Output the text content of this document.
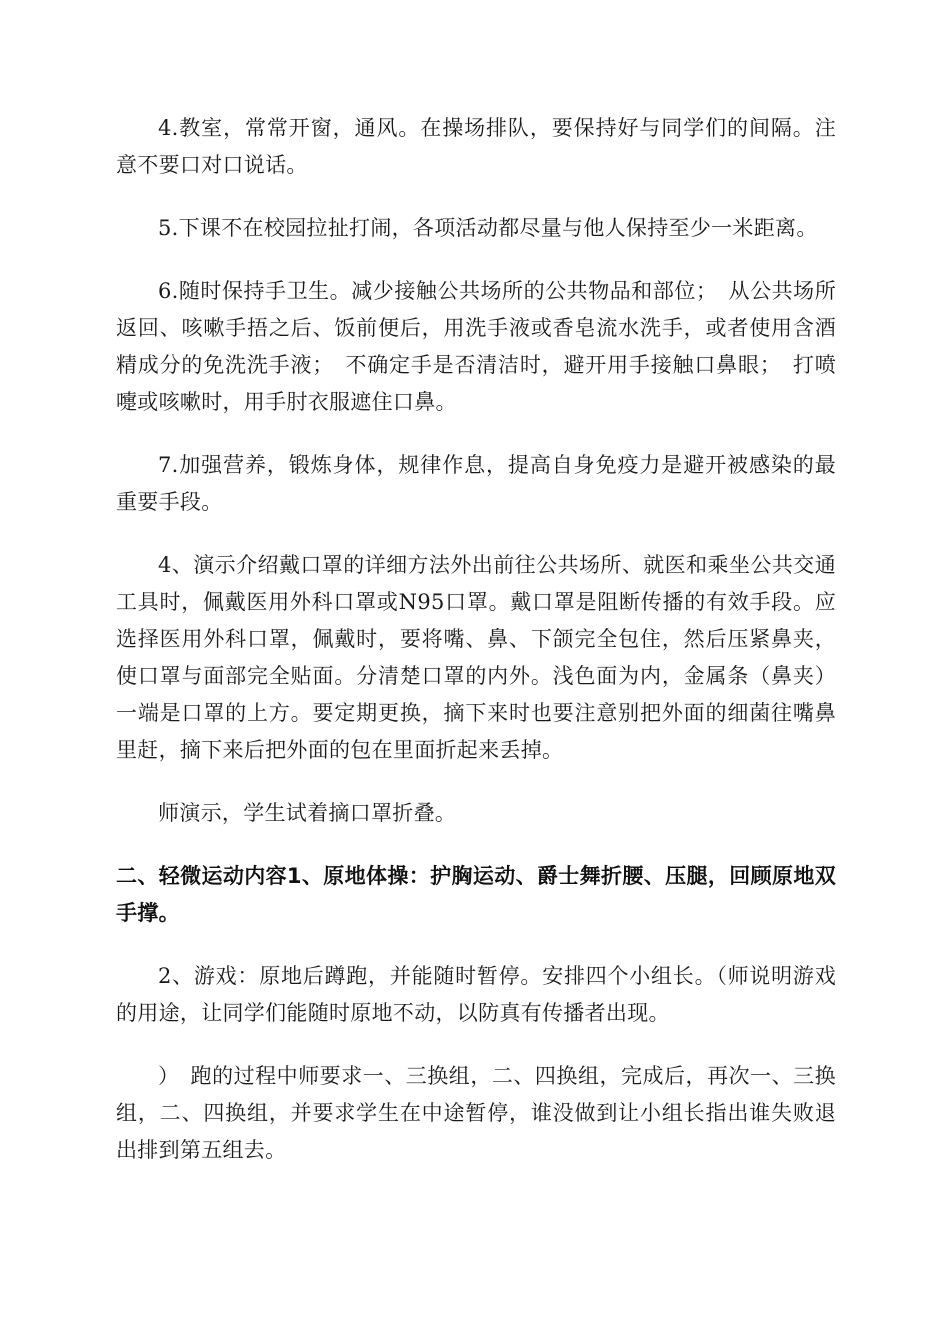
4.教室，常常开窗，通风。在操场排队，要保持好与同学们的间隔。注意不要口对口说话。

5.下课不在校园拉扯打闹，各项活动都尽量与他人保持至少一米距离。

6.随时保持手卫生。减少接触公共场所的公共物品和部位；　从公共场所返回、咳嗽手捂之后、饭前便后，用洗手液或香皂流水洗手，或者使用含酒精成分的免洗洗手液；　不确定手是否清洁时，避开用手接触口鼻眼；　打喷嚏或咳嗽时，用手肘衣服遮住口鼻。

7.加强营养，锻炼身体，规律作息，提高自身免疫力是避开被感染的最重要手段。

4、演示介绍戴口罩的详细方法外出前往公共场所、就医和乘坐公共交通工具时，佩戴医用外科口罩或N95口罩。戴口罩是阻断传播的有效手段。应选择医用外科口罩，佩戴时，要将嘴、鼻、下颌完全包住，然后压紧鼻夹，使口罩与面部完全贴面。分清楚口罩的内外。浅色面为内，金属条（鼻夹）一端是口罩的上方。要定期更换，摘下来时也要注意别把外面的细菌往嘴鼻里赶，摘下来后把外面的包在里面折起来丢掉。

师演示，学生试着摘口罩折叠。

二、轻微运动内容1、原地体操：护胸运动、爵士舞折腰、压腿，回顾原地双手撑。

2、游戏：原地后蹲跑，并能随时暂停。安排四个小组长。（师说明游戏的用途，让同学们能随时原地不动，以防真有传播者出现。

）　跑的过程中师要求一、三换组，二、四换组，完成后，再次一、三换组，二、四换组，并要求学生在中途暂停，谁没做到让小组长指出谁失败退出排到第五组去。
